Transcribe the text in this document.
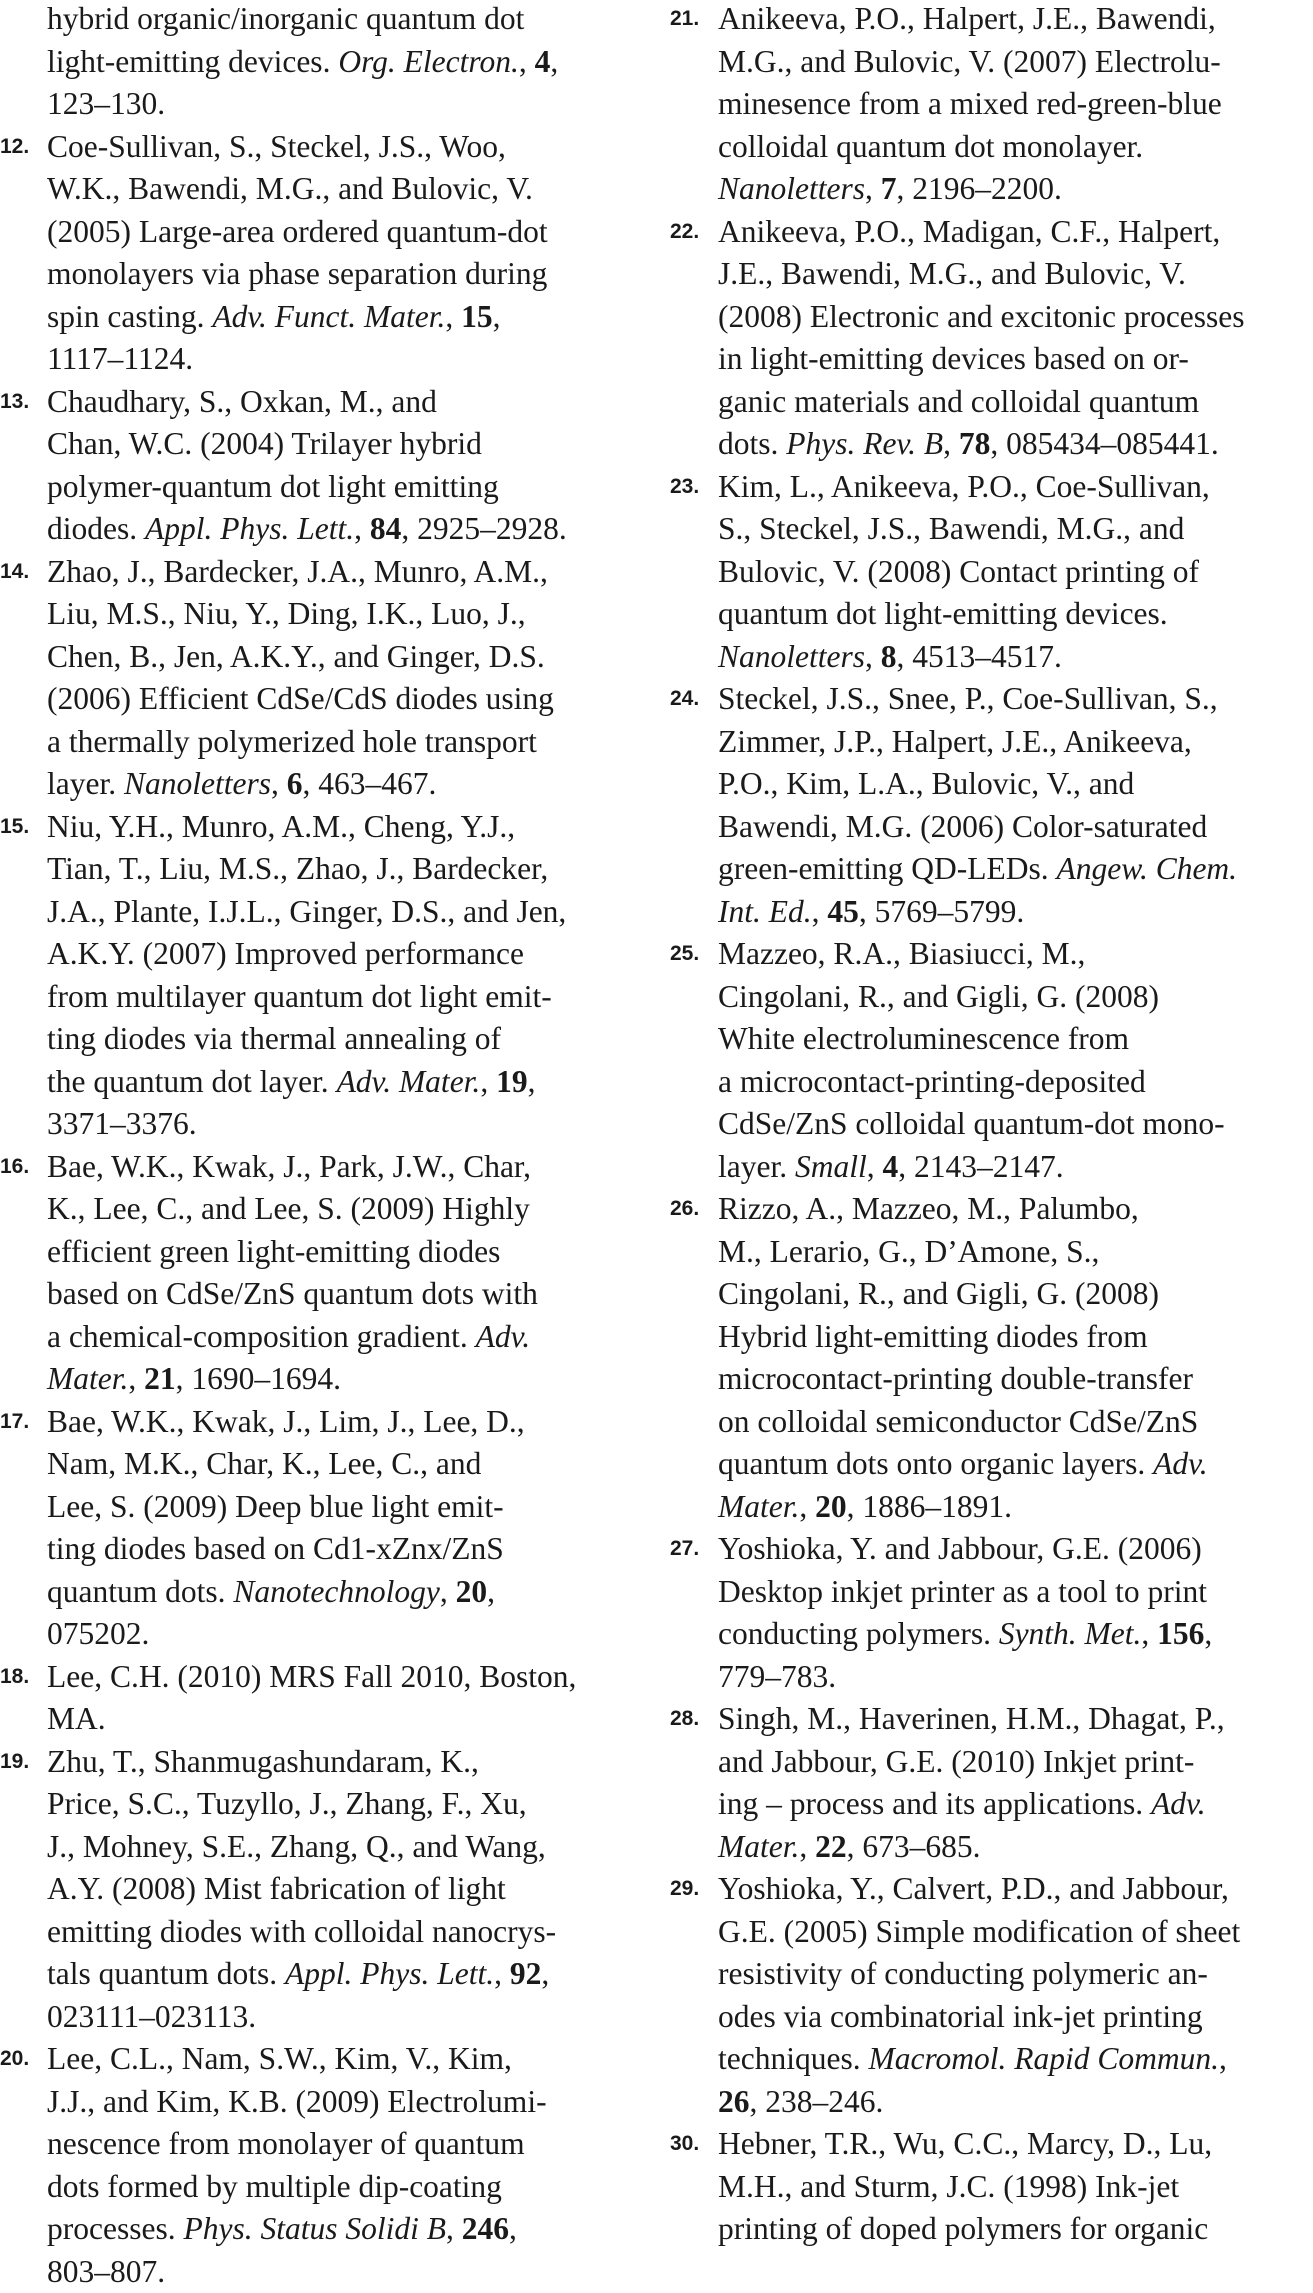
hybrid organic/inorganic quantum dot
light-emitting devices. Org. Electron., 4,
123–130.
12. Coe-Sullivan, S., Steckel, J.S., Woo,
W.K., Bawendi, M.G., and Bulovic, V.
(2005) Large-area ordered quantum-dot
monolayers via phase separation during
spin casting. Adv. Funct. Mater., 15,
1117–1124.
13. Chaudhary, S., Oxkan, M., and
Chan, W.C. (2004) Trilayer hybrid
polymer-quantum dot light emitting
diodes. Appl. Phys. Lett., 84, 2925–2928.
14. Zhao, J., Bardecker, J.A., Munro, A.M.,
Liu, M.S., Niu, Y., Ding, I.K., Luo, J.,
Chen, B., Jen, A.K.Y., and Ginger, D.S.
(2006) Efficient CdSe/CdS diodes using
a thermally polymerized hole transport
layer. Nanoletters, 6, 463–467.
15. Niu, Y.H., Munro, A.M., Cheng, Y.J.,
Tian, T., Liu, M.S., Zhao, J., Bardecker,
J.A., Plante, I.J.L., Ginger, D.S., and Jen,
A.K.Y. (2007) Improved performance
from multilayer quantum dot light emit-
ting diodes via thermal annealing of
the quantum dot layer. Adv. Mater., 19,
3371–3376.
16. Bae, W.K., Kwak, J., Park, J.W., Char,
K., Lee, C., and Lee, S. (2009) Highly
efficient green light-emitting diodes
based on CdSe/ZnS quantum dots with
a chemical-composition gradient. Adv.
Mater., 21, 1690–1694.
17. Bae, W.K., Kwak, J., Lim, J., Lee, D.,
Nam, M.K., Char, K., Lee, C., and
Lee, S. (2009) Deep blue light emit-
ting diodes based on Cd1-xZnx/ZnS
quantum dots. Nanotechnology, 20,
075202.
18. Lee, C.H. (2010) MRS Fall 2010, Boston,
MA.
19. Zhu, T., Shanmugashundaram, K.,
Price, S.C., Tuzyllo, J., Zhang, F., Xu,
J., Mohney, S.E., Zhang, Q., and Wang,
A.Y. (2008) Mist fabrication of light
emitting diodes with colloidal nanocrys-
tals quantum dots. Appl. Phys. Lett., 92,
023111–023113.
20. Lee, C.L., Nam, S.W., Kim, V., Kim,
J.J., and Kim, K.B. (2009) Electrolumi-
nescence from monolayer of quantum
dots formed by multiple dip-coating
processes. Phys. Status Solidi B, 246,
803–807.
21. Anikeeva, P.O., Halpert, J.E., Bawendi,
M.G., and Bulovic, V. (2007) Electrolu-
minesence from a mixed red-green-blue
colloidal quantum dot monolayer.
Nanoletters, 7, 2196–2200.
22. Anikeeva, P.O., Madigan, C.F., Halpert,
J.E., Bawendi, M.G., and Bulovic, V.
(2008) Electronic and excitonic processes
in light-emitting devices based on or-
ganic materials and colloidal quantum
dots. Phys. Rev. B, 78, 085434–085441.
23. Kim, L., Anikeeva, P.O., Coe-Sullivan,
S., Steckel, J.S., Bawendi, M.G., and
Bulovic, V. (2008) Contact printing of
quantum dot light-emitting devices.
Nanoletters, 8, 4513–4517.
24. Steckel, J.S., Snee, P., Coe-Sullivan, S.,
Zimmer, J.P., Halpert, J.E., Anikeeva,
P.O., Kim, L.A., Bulovic, V., and
Bawendi, M.G. (2006) Color-saturated
green-emitting QD-LEDs. Angew. Chem.
Int. Ed., 45, 5769–5799.
25. Mazzeo, R.A., Biasiucci, M.,
Cingolani, R., and Gigli, G. (2008)
White electroluminescence from
a microcontact-printing-deposited
CdSe/ZnS colloidal quantum-dot mono-
layer. Small, 4, 2143–2147.
26. Rizzo, A., Mazzeo, M., Palumbo,
M., Lerario, G., D’Amone, S.,
Cingolani, R., and Gigli, G. (2008)
Hybrid light-emitting diodes from
microcontact-printing double-transfer
on colloidal semiconductor CdSe/ZnS
quantum dots onto organic layers. Adv.
Mater., 20, 1886–1891.
27. Yoshioka, Y. and Jabbour, G.E. (2006)
Desktop inkjet printer as a tool to print
conducting polymers. Synth. Met., 156,
779–783.
28. Singh, M., Haverinen, H.M., Dhagat, P.,
and Jabbour, G.E. (2010) Inkjet print-
ing – process and its applications. Adv.
Mater., 22, 673–685.
29. Yoshioka, Y., Calvert, P.D., and Jabbour,
G.E. (2005) Simple modification of sheet
resistivity of conducting polymeric an-
odes via combinatorial ink-jet printing
techniques. Macromol. Rapid Commun.,
26, 238–246.
30. Hebner, T.R., Wu, C.C., Marcy, D., Lu,
M.H., and Sturm, J.C. (1998) Ink-jet
printing of doped polymers for organic
